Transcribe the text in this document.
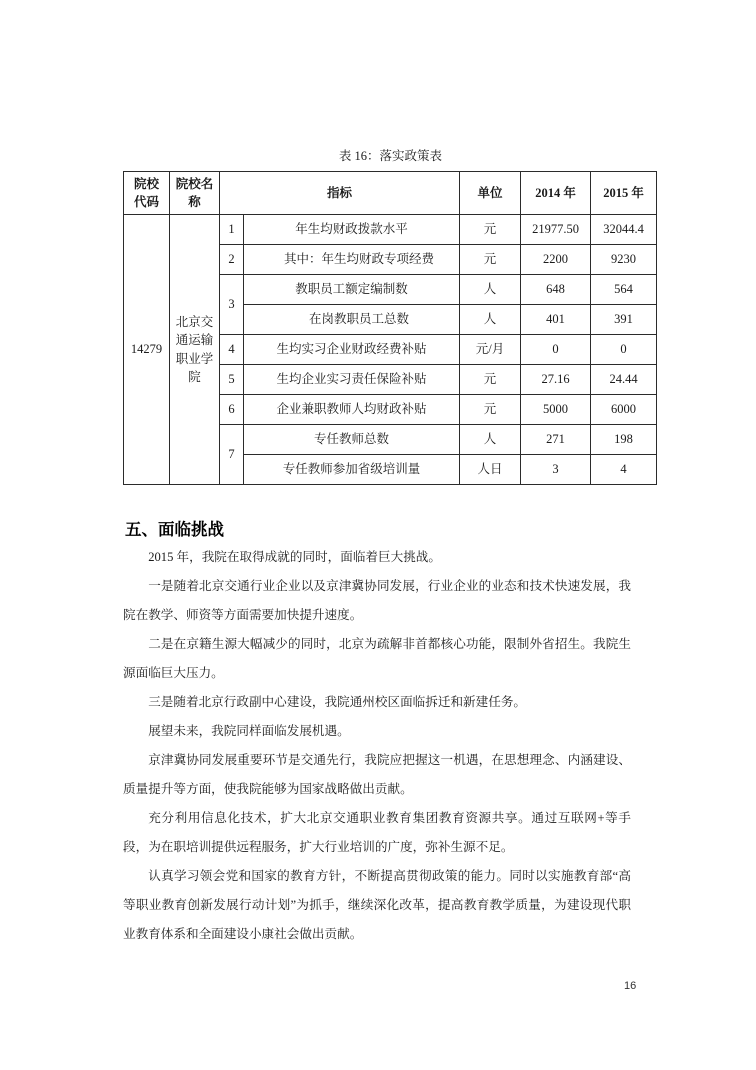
表 16：落实政策表
院校代码	院校名称	指标		单位	2014 年	2015 年
14279	北京交通运输职业学院	1	年生均财政拨款水平	元	21977.50	32044.4
		2	其中：年生均财政专项经费	元	2200	9230
		3	教职员工额定编制数	人	648	564
			在岗教职员工总数	人	401	391
		4	生均实习企业财政经费补贴	元/月	0	0
		5	生均企业实习责任保险补贴	元	27.16	24.44
		6	企业兼职教师人均财政补贴	元	5000	6000
		7	专任教师总数	人	271	198
			专任教师参加省级培训量	人日	3	4
五、面临挑战

2015 年，我院在取得成就的同时，面临着巨大挑战。

一是随着北京交通行业企业以及京津冀协同发展，行业企业的业态和技术快速发展，我院在教学、师资等方面需要加快提升速度。

二是在京籍生源大幅减少的同时，北京为疏解非首都核心功能，限制外省招生。我院生源面临巨大压力。

三是随着北京行政副中心建设，我院通州校区面临拆迁和新建任务。

展望未来，我院同样面临发展机遇。

京津冀协同发展重要环节是交通先行，我院应把握这一机遇，在思想理念、内涵建设、质量提升等方面，使我院能够为国家战略做出贡献。

充分利用信息化技术，扩大北京交通职业教育集团教育资源共享。通过互联网+等手段，为在职培训提供远程服务，扩大行业培训的广度，弥补生源不足。

认真学习领会党和国家的教育方针，不断提高贯彻政策的能力。同时以实施教育部“高等职业教育创新发展行动计划”为抓手，继续深化改革，提高教育教学质量，为建设现代职业教育体系和全面建设小康社会做出贡献。

16
